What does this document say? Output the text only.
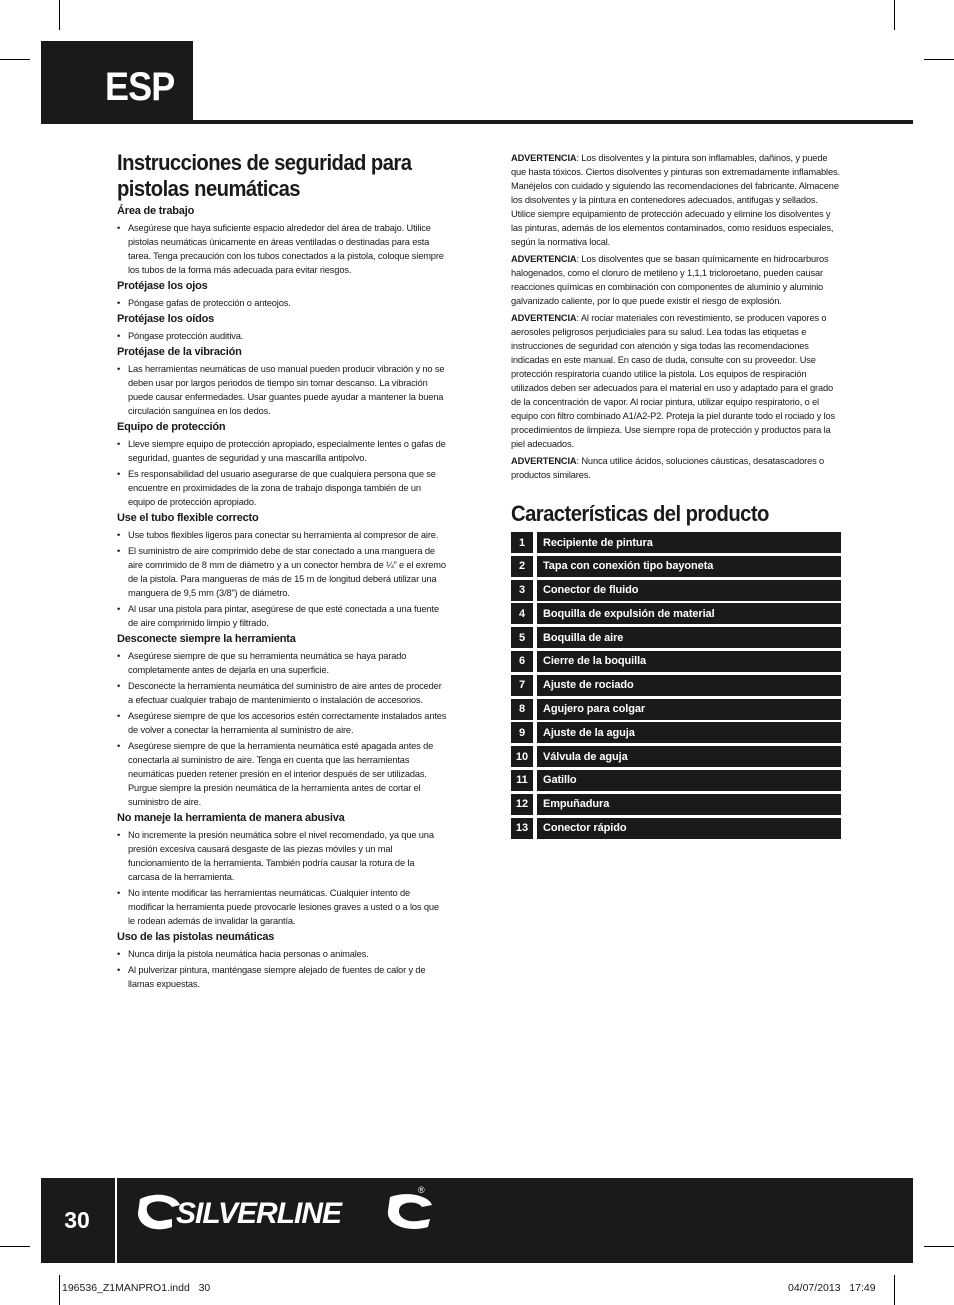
ESP
Instrucciones de seguridad para pistolas neumáticas
Área de trabajo
• Asegúrese que haya suficiente espacio alrededor del área de trabajo. Utilice pistolas neumáticas únicamente en áreas ventiladas o destinadas para esta tarea. Tenga precaución con los tubos conectados a la pistola, coloque siempre los tubos de la forma más adecuada para evitar riesgos.
Protéjase los ojos
• Póngase gafas de protección o anteojos.
Protéjase los oídos
• Póngase protección auditiva.
Protéjase de la vibración
• Las herramientas neumáticas de uso manual pueden producir vibración y no se deben usar por largos periodos de tiempo sin tomar descanso. La vibración puede causar enfermedades. Usar guantes puede ayudar a mantener la buena circulación sanguínea en los dedos.
Equipo de protección
• Lleve siempre equipo de protección apropiado, especialmente lentes o gafas de seguridad, guantes de seguridad y una mascarilla antipolvo.
• Es responsabilidad del usuario asegurarse de que cualquiera persona que se encuentre en proximidades de la zona de trabajo disponga también de un equipo de protección apropiado.
Use el tubo flexible correcto
• Use tubos flexibles ligeros para conectar su herramienta al compresor de aire.
• El suministro de aire comprimido debe de star conectado a una manguera de aire comrimido de 8 mm de diámetro y a un conector hembra de ¼” e el exremo de la pistola. Para mangueras de más de 15 m de longitud deberá utilizar una manguera de 9,5 mm (3/8”) de diámetro.
• Al usar una pistola para pintar, asegúrese de que esté conectada a una fuente de aire comprimido limpio y filtrado.
Desconecte siempre la herramienta
• Asegúrese siempre de que su herramienta neumática se haya parado completamente antes de dejarla en una superficie.
• Desconecte la herramienta neumática del suministro de aire antes de proceder a efectuar cualquier trabajo de mantenimiento o instalación de accesorios.
• Asegúrese siempre de que los accesorios estén correctamente instalados antes de volver a conectar la herramienta al suministro de aire.
• Asegúrese siempre de que la herramienta neumática esté apagada antes de conectarla al suministro de aire. Tenga en cuenta que las herramientas neumáticas pueden retener presión en el interior después de ser utilizadas. Purgue siempre la presión neumática de la herramienta antes de cortar el suministro de aire.
No maneje la herramienta de manera abusiva
• No incremente la presión neumática sobre el nivel recomendado, ya que una presión excesiva causará desgaste de las piezas móviles y un mal funcionamiento de la herramienta. También podría causar la rotura de la carcasa de la herramienta.
• No intente modificar las herramientas neumáticas. Cualquier intento de modificar la herramienta puede provocarle lesiones graves a usted o a los que le rodean además de invalidar la garantía.
Uso de las pistolas neumáticas
• Nunca dirija la pistola neumática hacia personas o animales.
• Al pulverizar pintura, manténgase siempre alejado de fuentes de calor y de llamas expuestas.

ADVERTENCIA: Los disolventes y la pintura son inflamables, dañinos, y puede que hasta tóxicos. Ciertos disolventes y pinturas son extremadamente inflamables. Manéjelos con cuidado y siguiendo las recomendaciones del fabricante. Almacene los disolventes y la pintura en contenedores adecuados, antifugas y sellados. Utilice siempre equipamiento de protección adecuado y elimine los disolventes y las pinturas, además de los elementos contaminados, como residuos especiales, según la normativa local.

ADVERTENCIA: Los disolventes que se basan químicamente en hidrocarburos halogenados, como el cloruro de metileno y 1,1,1 tricloroetano, pueden causar reacciones químicas en combinación con componentes de aluminio y aluminio galvanizado caliente, por lo que puede existir el riesgo de explosión.

ADVERTENCIA: Al rociar materiales con revestimiento, se producen vapores o aerosoles peligrosos perjudiciales para su salud. Lea todas las etiquetas e instrucciones de seguridad con atención y siga todas las recomendaciones indicadas en este manual. En caso de duda, consulte con su proveedor. Use protección respiratoria cuando utilice la pistola. Los equipos de respiración utilizados deben ser adecuados para el material en uso y adaptado para el grado de la concentración de vapor. Al rociar pintura, utilizar equipo respiratorio, o el equipo con filtro combinado A1/A2-P2. Proteja la piel durante todo el rociado y los procedimientos de limpieza. Use siempre ropa de protección y productos para la piel adecuados.

ADVERTENCIA: Nunca utilice ácidos, soluciones cáusticas, desatascadores o productos similares.

Características del producto
1	Recipiente de pintura
2	Tapa con conexión tipo bayoneta
3	Conector de fluido
4	Boquilla de expulsión de material
5	Boquilla de aire
6	Cierre de la boquilla
7	Ajuste de rociado
8	Agujero para colgar
9	Ajuste de la aguja
10	Válvula de aguja
11	Gatillo
12	Empuñadura
13	Conector rápido
30	SILVERLINE
®
196536_Z1MANPRO1.indd   30	04/07/2013   17:49
